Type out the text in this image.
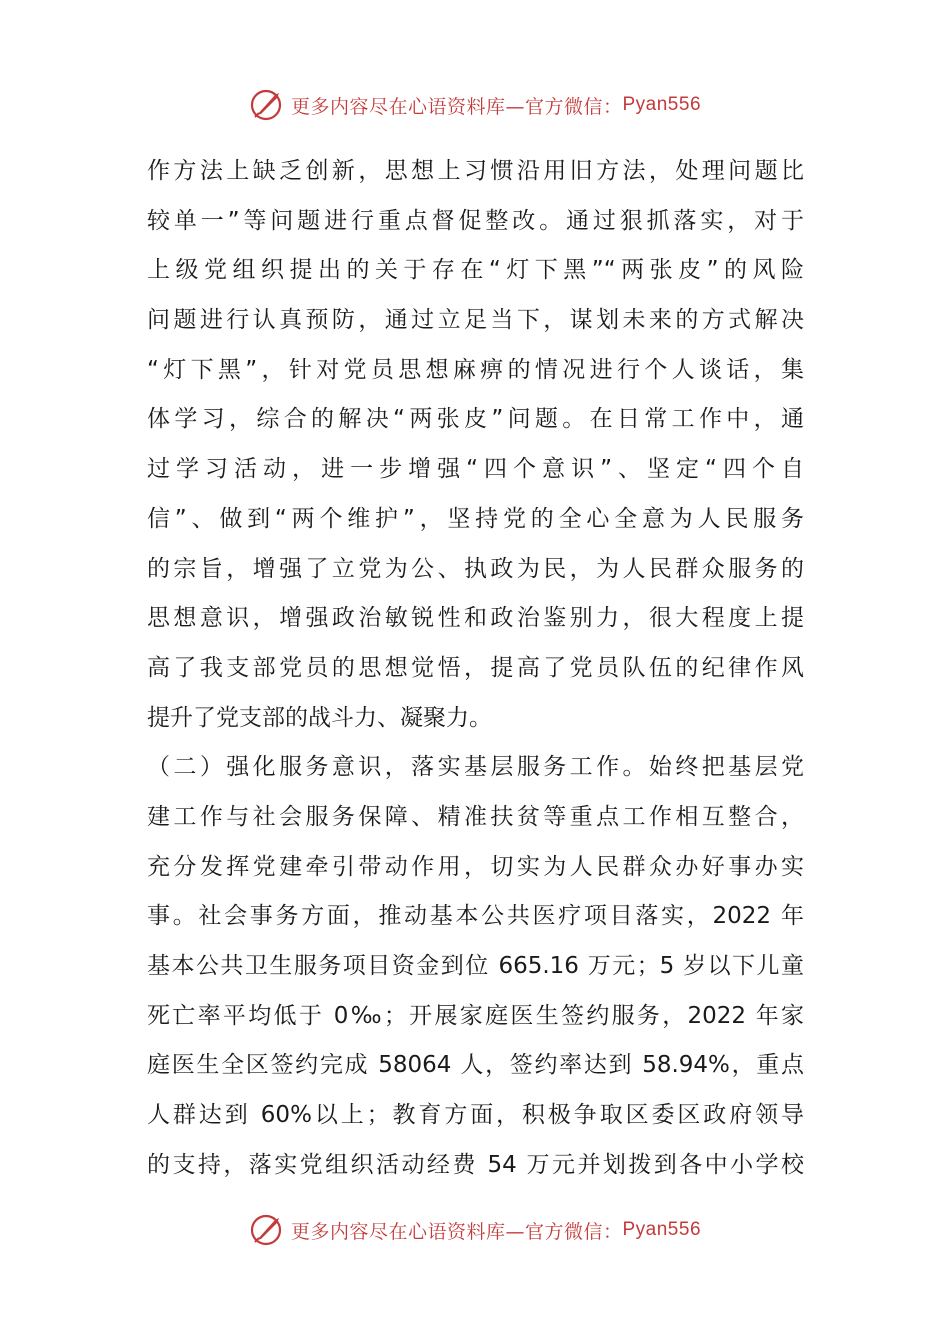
更多内容尽在心语资料库—官方微信： Pyan556
作方法上缺乏创新，思想上习惯沿用旧方法，处理问题比
较单一”等问题进行重点督促整改。通过狠抓落实，对于
上级党组织提出的关于存在“灯下黑”“两张皮”的风险
问题进行认真预防，通过立足当下，谋划未来的方式解决
“灯下黑”，针对党员思想麻痹的情况进行个人谈话，集
体学习，综合的解决“两张皮”问题。在日常工作中，通
过学习活动，进一步增强“四个意识”、坚定“四个自
信”、做到“两个维护”，坚持党的全心全意为人民服务
的宗旨，增强了立党为公、执政为民，为人民群众服务的
思想意识，增强政治敏锐性和政治鉴别力，很大程度上提
高了我支部党员的思想觉悟，提高了党员队伍的纪律作风
提升了党支部的战斗力、凝聚力。
（二）强化服务意识，落实基层服务工作。始终把基层党
建工作与社会服务保障、精准扶贫等重点工作相互整合，
充分发挥党建牵引带动作用，切实为人民群众办好事办实
事。社会事务方面，推动基本公共医疗项目落实，2022 年
基本公共卫生服务项目资金到位 665.16 万元；5 岁以下儿童
死亡率平均低于 0‰；开展家庭医生签约服务，2022 年家
庭医生全区签约完成 58064 人，签约率达到 58.94%，重点
人群达到 60%以上；教育方面，积极争取区委区政府领导
的支持，落实党组织活动经费 54 万元并划拨到各中小学校
更多内容尽在心语资料库—官方微信： Pyan556
